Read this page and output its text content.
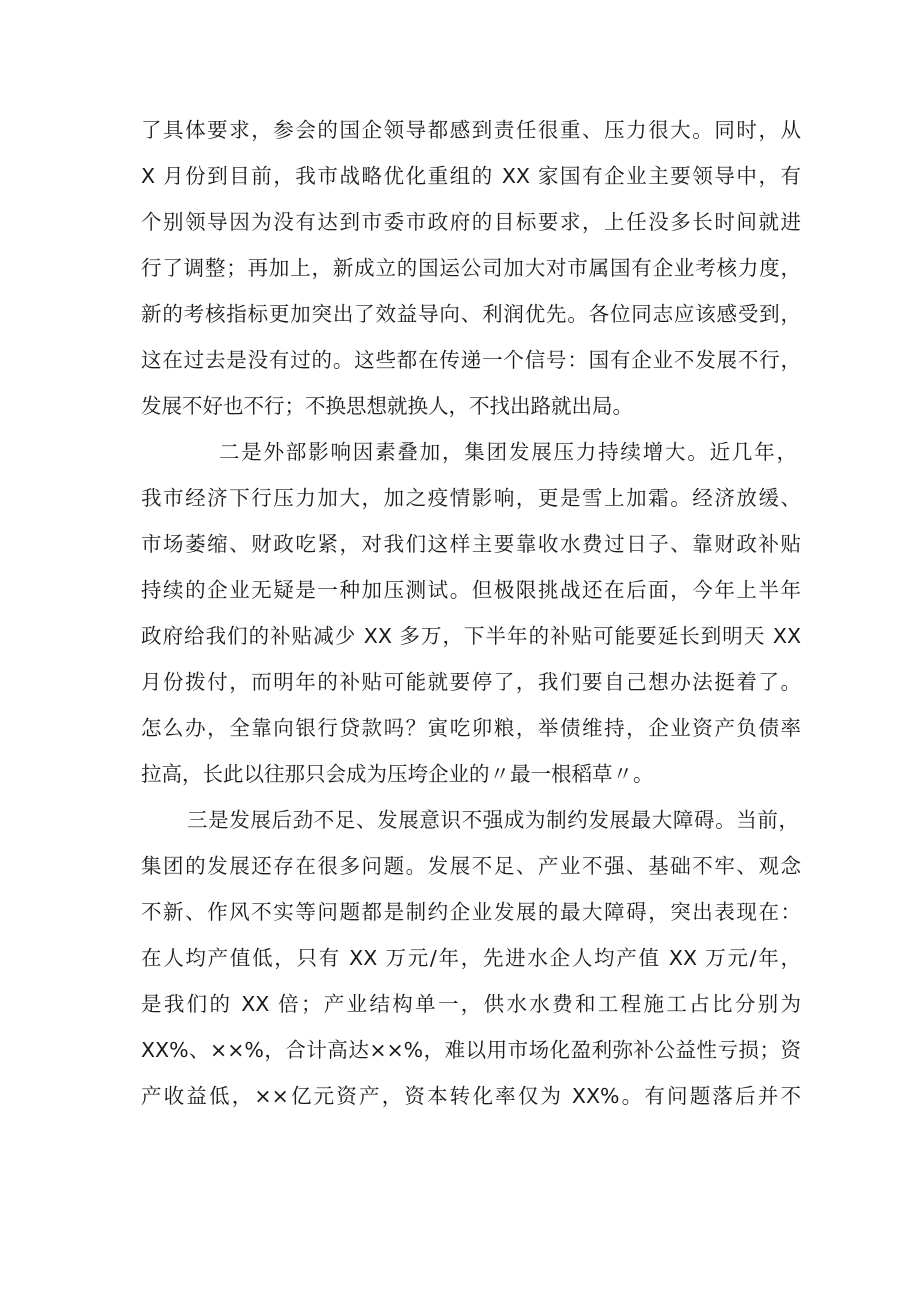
了具体要求，参会的国企领导都感到责任很重、压力很大。同时，从
X 月份到目前，我市战略优化重组的 XX 家国有企业主要领导中，有
个别领导因为没有达到市委市政府的目标要求，上任没多长时间就进
行了调整；再加上，新成立的国运公司加大对市属国有企业考核力度，
新的考核指标更加突出了效益导向、利润优先。各位同志应该感受到，
这在过去是没有过的。这些都在传递一个信号：国有企业不发展不行，
发展不好也不行；不换思想就换人，不找出路就出局。
二是外部影响因素叠加，集团发展压力持续增大。近几年，
我市经济下行压力加大，加之疫情影响，更是雪上加霜。经济放缓、
市场萎缩、财政吃紧，对我们这样主要靠收水费过日子、靠财政补贴
持续的企业无疑是一种加压测试。但极限挑战还在后面，今年上半年
政府给我们的补贴减少 XX 多万，下半年的补贴可能要延长到明天 XX
月份拨付，而明年的补贴可能就要停了，我们要自己想办法挺着了。
怎么办，全靠向银行贷款吗？寅吃卯粮，举债维持，企业资产负债率
拉高，长此以往那只会成为压垮企业的〃最一根稻草〃。
三是发展后劲不足、发展意识不强成为制约发展最大障碍。当前，
集团的发展还存在很多问题。发展不足、产业不强、基础不牢、观念
不新、作风不实等问题都是制约企业发展的最大障碍，突出表现在：
在人均产值低，只有 XX 万元/年，先进水企人均产值 XX 万元/年，
是我们的 XX 倍；产业结构单一，供水水费和工程施工占比分别为
XX%、××%，合计高达××%，难以用市场化盈利弥补公益性亏损；资
产收益低，××亿元资产，资本转化率仅为 XX%。有问题落后并不
